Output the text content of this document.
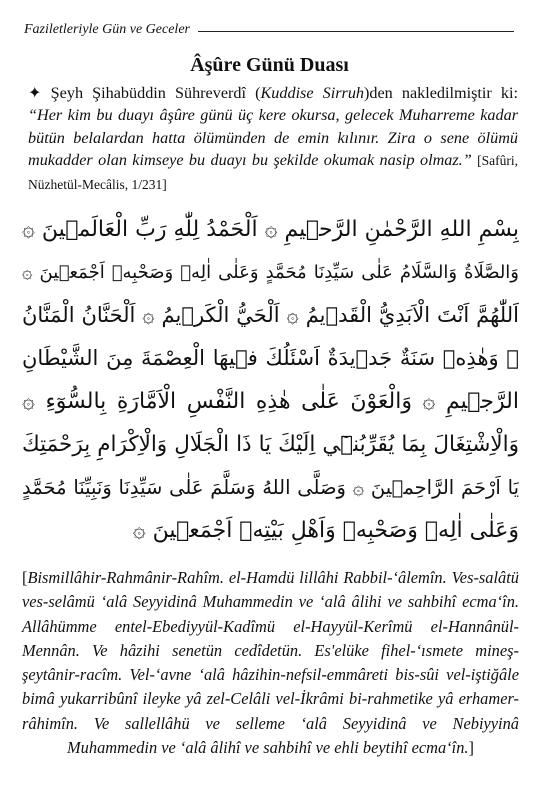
Faziletleriyle Gün ve Geceler
Âşûre Günü Duası

✦ Şeyh Şihabüddin Sühreverdî (Kuddise Sirruh)den nakledilmiştir ki: “Her kim bu duayı âşûre günü üç kere okursa, gelecek Muharreme kadar bütün belalardan hatta ölümünden de emin kılınır. Zira o sene ölümü mukadder olan kimseye bu duayı bu şekilde okumak nasip olmaz.” [Safûri, Nüzhetül-Mecâlis, 1/231]

بِسْمِ اللهِ الرَّحْمٰنِ الرَّح۪يمِ ۞ اَلْحَمْدُ لِلّٰهِ رَبِّ الْعَالَم۪ينَ ۞
وَالصَّلَاةُ وَالسَّلَامُ عَلٰى سَيِّدِنَا مُحَمَّدٍ وَعَلٰى اٰلِه۪ وَصَحْبِه۪ اَجْمَع۪ينَ ۞
اَللّٰهُمَّ اَنْتَ الْاَبَدِيُّ الْقَد۪يمُ ۞ اَلْحَيُّ الْكَر۪يمُ ۞ اَلْحَنَّانُ الْمَنَّانُ
۞ وَهٰذِه۪ سَنَةٌ جَد۪يدَةٌ اَسْئَلُكَ ف۪يهَا الْعِصْمَةَ مِنَ الشَّيْطَانِ
الرَّج۪يمِ ۞ وَالْعَوْنَ عَلٰى هٰذِهِ النَّفْسِ الْاَمَّارَةِ بِالسُّوٓءِ ۞
وَالْاِشْتِغَالَ بِمَا يُقَرِّبُن۪ٓي اِلَيْكَ يَا ذَا الْجَلَالِ وَالْاِكْرَامِ بِرَحْمَتِكَ
يَا اَرْحَمَ الرَّاحِم۪ينَ ۞ وَصَلَّى اللهُ وَسَلَّمَ عَلٰى سَيِّدِنَا وَنَبِيِّنَا مُحَمَّدٍ
وَعَلٰى اٰلِه۪ وَصَحْبِه۪ وَاَهْلِ بَيْتِه۪ اَجْمَع۪ينَ ۞

[Bismillâhir-Rahmânir-Rahîm. el-Hamdü lillâhi Rabbil-‘âlemîn. Ves-salâtü ves-selâmü ‘alâ Seyyidinâ Muhammedin ve ‘alâ âlihi ve sahbihî ecma‘în. Allâhümme entel-Ebediyyül-Kadîmü el-Hayyül-Kerîmü el-Hannânül-Mennân. Ve hâzihi senetün cedîdetün. Es'elüke fihel-‘ısmete mineş-şeytânir-racîm. Vel-‘avne ‘alâ hâzihin-nefsil-emmâreti bis-sûi vel-iştiğâle bimâ yukarribûnî ileyke yâ zel-Celâli vel-İkrâmi bi-rahmetike yâ erhamer-râhimîn. Ve sallellâhü ve selleme ‘alâ Seyyidinâ ve Nebiyyinâ Muhammedin ve ‘alâ âlihî ve sahbihî ve ehli beytihî ecma‘în.]
